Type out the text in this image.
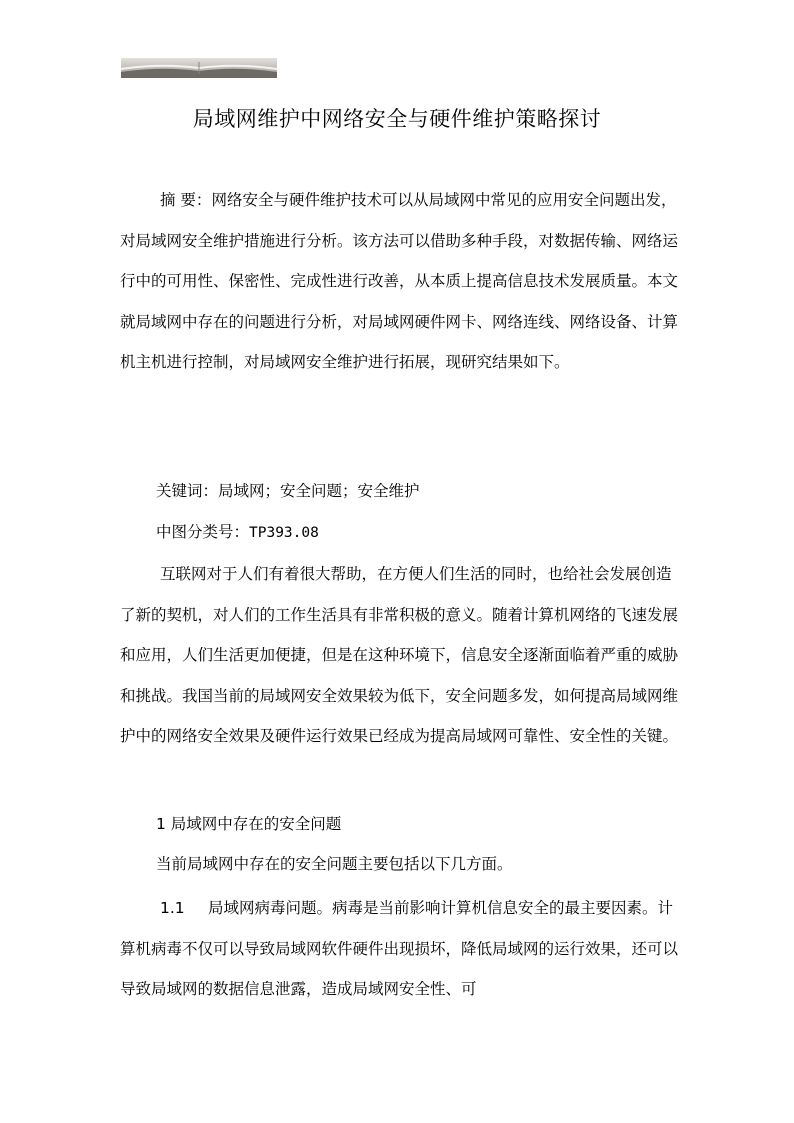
局域网维护中网络安全与硬件维护策略探讨

摘 要：网络安全与硬件维护技术可以从局域网中常见的应用安全问题出发，对局域网安全维护措施进行分析。该方法可以借助多种手段，对数据传输、网络运行中的可用性、保密性、完成性进行改善，从本质上提高信息技术发展质量。本文就局域网中存在的问题进行分析，对局域网硬件网卡、网络连线、网络设备、计算机主机进行控制，对局域网安全维护进行拓展，现研究结果如下。

关键词：局域网；安全问题；安全维护
中图分类号：TP393.08

互联网对于人们有着很大帮助，在方便人们生活的同时，也给社会发展创造了新的契机，对人们的工作生活具有非常积极的意义。随着计算机网络的飞速发展和应用，人们生活更加便捷，但是在这种环境下，信息安全逐渐面临着严重的威胁和挑战。我国当前的局域网安全效果较为低下，安全问题多发，如何提高局域网维护中的网络安全效果及硬件运行效果已经成为提高局域网可靠性、安全性的关键。

1 局域网中存在的安全问题
当前局域网中存在的安全问题主要包括以下几方面。

1.1 局域网病毒问题。病毒是当前影响计算机信息安全的最主要因素。计算机病毒不仅可以导致局域网软件硬件出现损坏，降低局域网的运行效果，还可以导致局域网的数据信息泄露，造成局域网安全性、可
